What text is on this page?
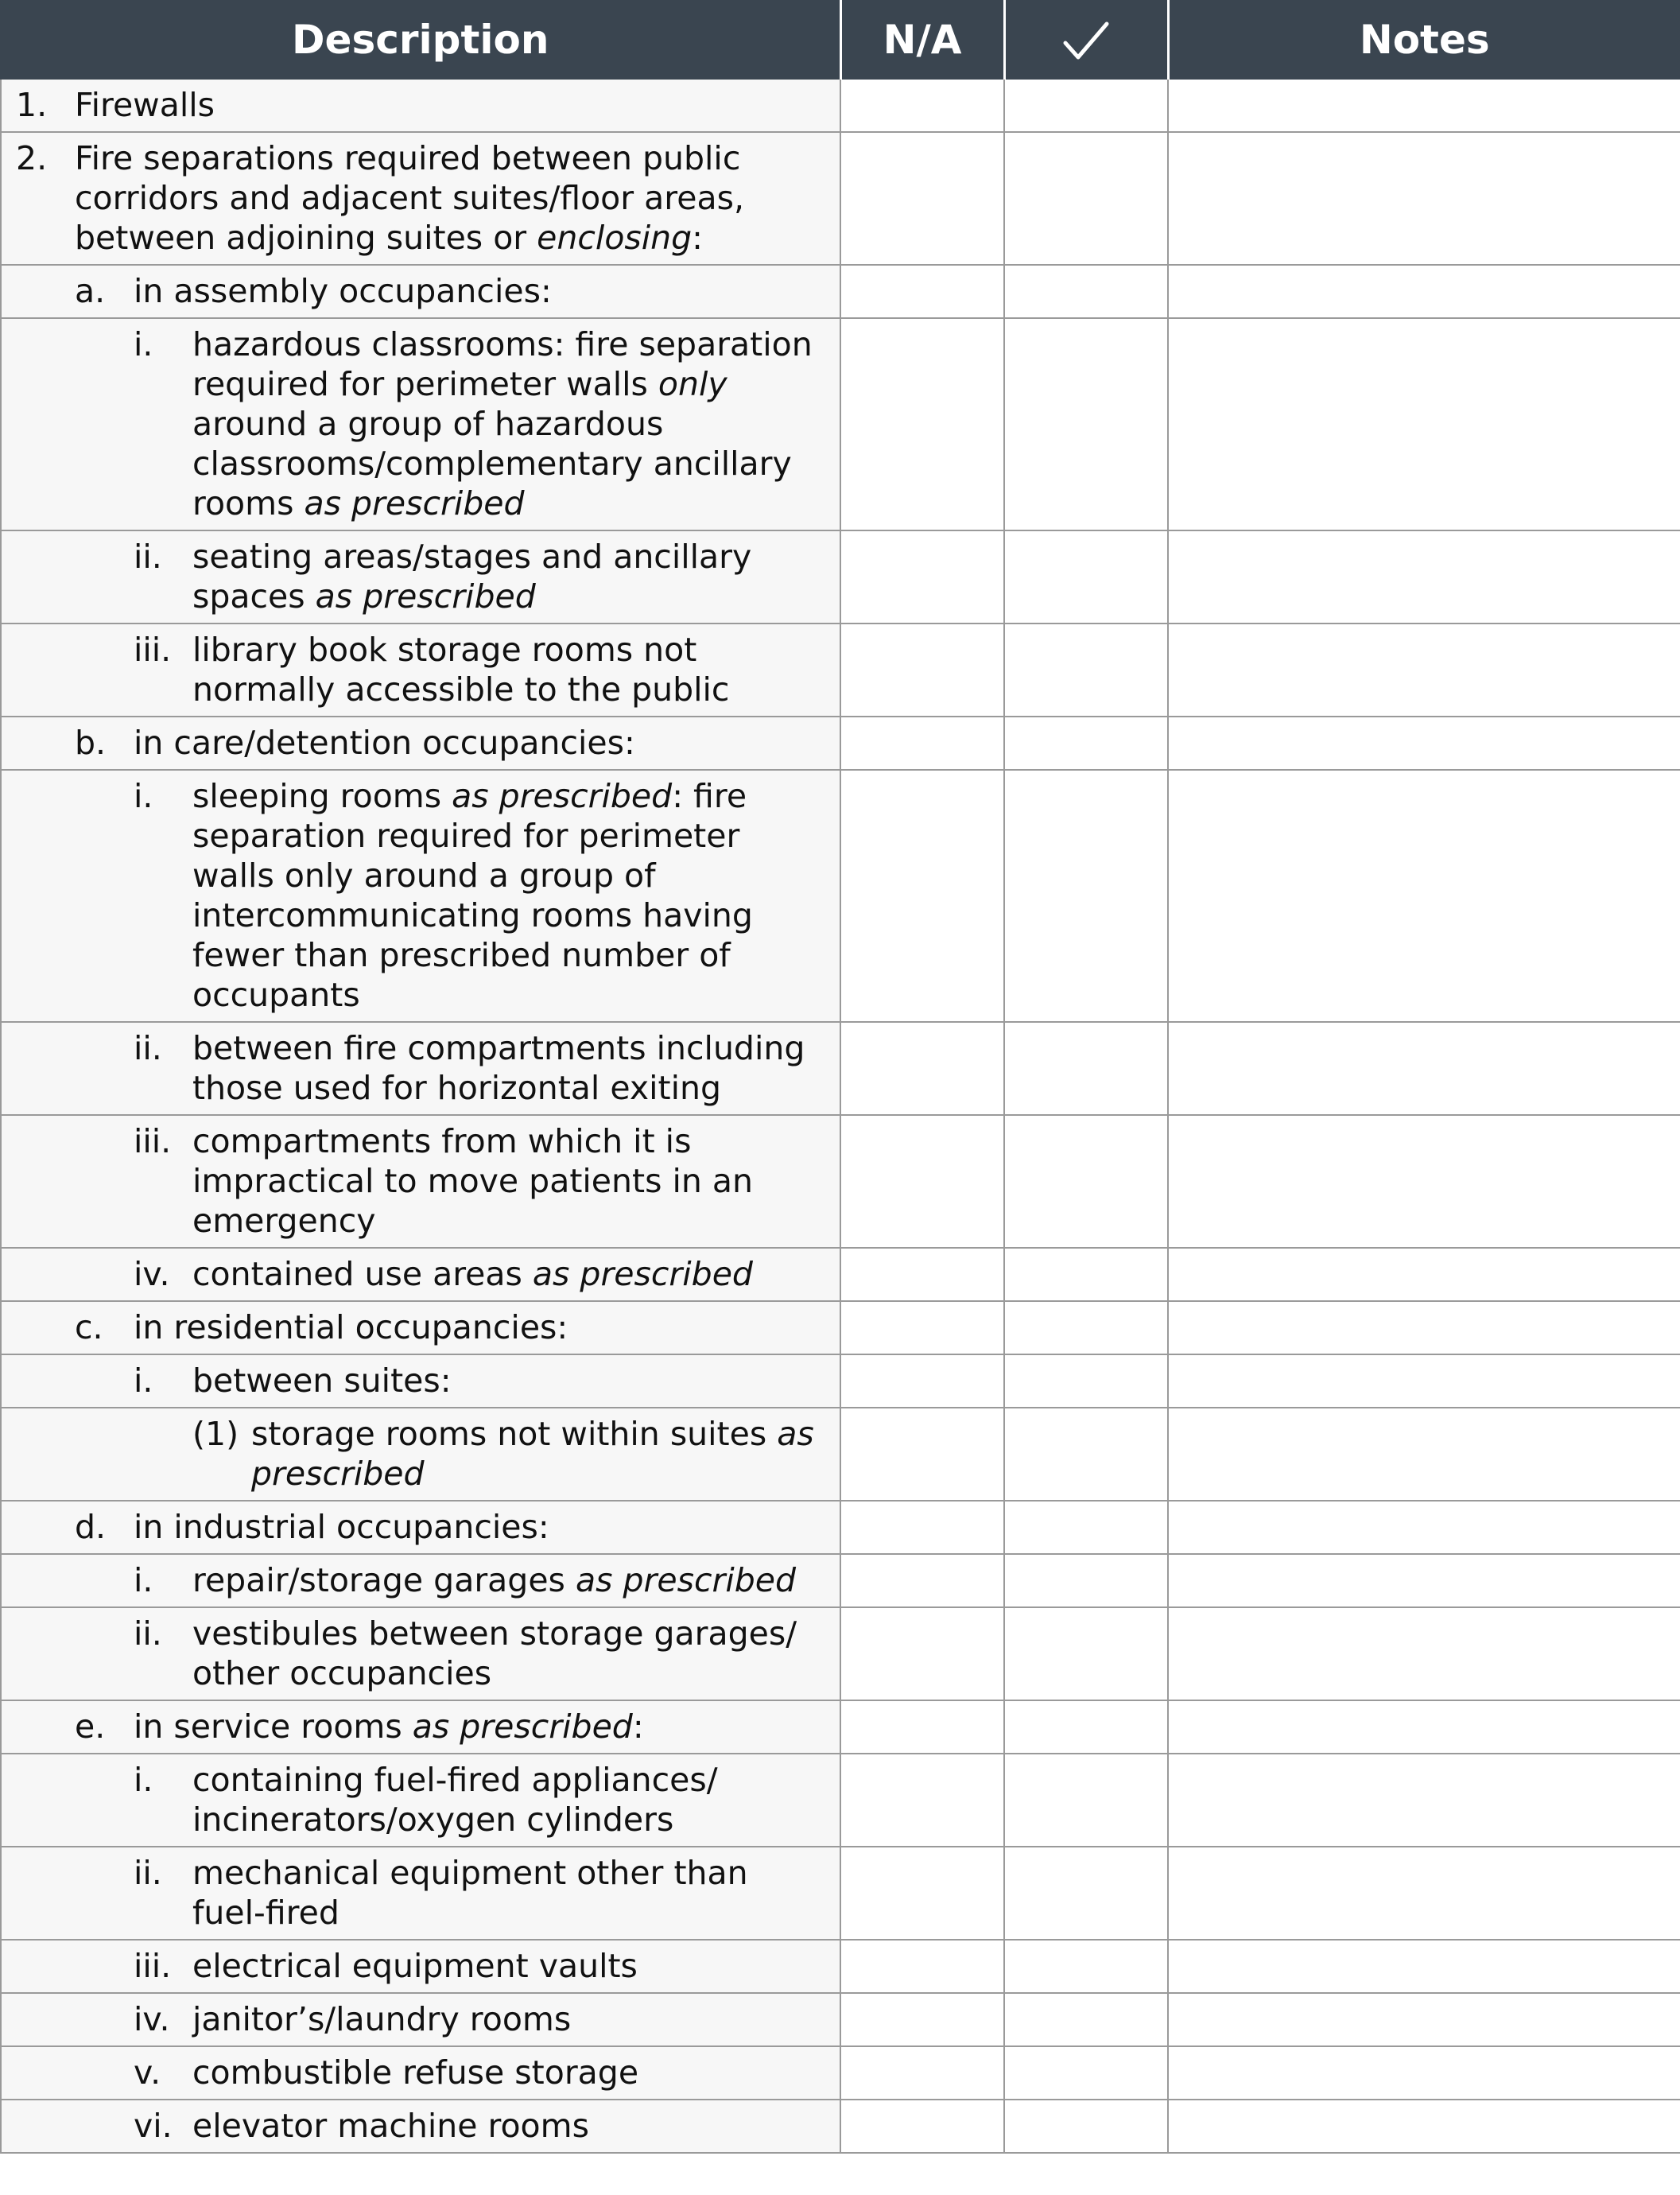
Description	N/A		Notes

1. Firewalls			

2. Fire separations required between public corridors and adjacent suites/floor areas, between adjoining suites or enclosing:			

a. in assembly occupancies:			

i. hazardous classrooms: fire separation required for perimeter walls only around a group of hazardous classrooms/complementary ancillary rooms as prescribed			

ii. seating areas/stages and ancillary spaces as prescribed			

iii. library book storage rooms not normally accessible to the public			

b. in care/detention occupancies:			

i. sleeping rooms as prescribed: fire separation required for perimeter walls only around a group of intercommunicating rooms having fewer than prescribed number of occupants			

ii. between fire compartments including those used for horizontal exiting			

iii. compartments from which it is impractical to move patients in an emergency			

iv. contained use areas as prescribed			

c. in residential occupancies:			

i. between suites:			

(1) storage rooms not within suites as prescribed			

d. in industrial occupancies:			

i. repair/storage garages as prescribed			

ii. vestibules between storage garages/ other occupancies			

e. in service rooms as prescribed:			

i. containing fuel-fired appliances/ incinerators/oxygen cylinders			

ii. mechanical equipment other than fuel-fired			

iii. electrical equipment vaults			

iv. janitor’s/laundry rooms			

v. combustible refuse storage			

vi. elevator machine rooms			
